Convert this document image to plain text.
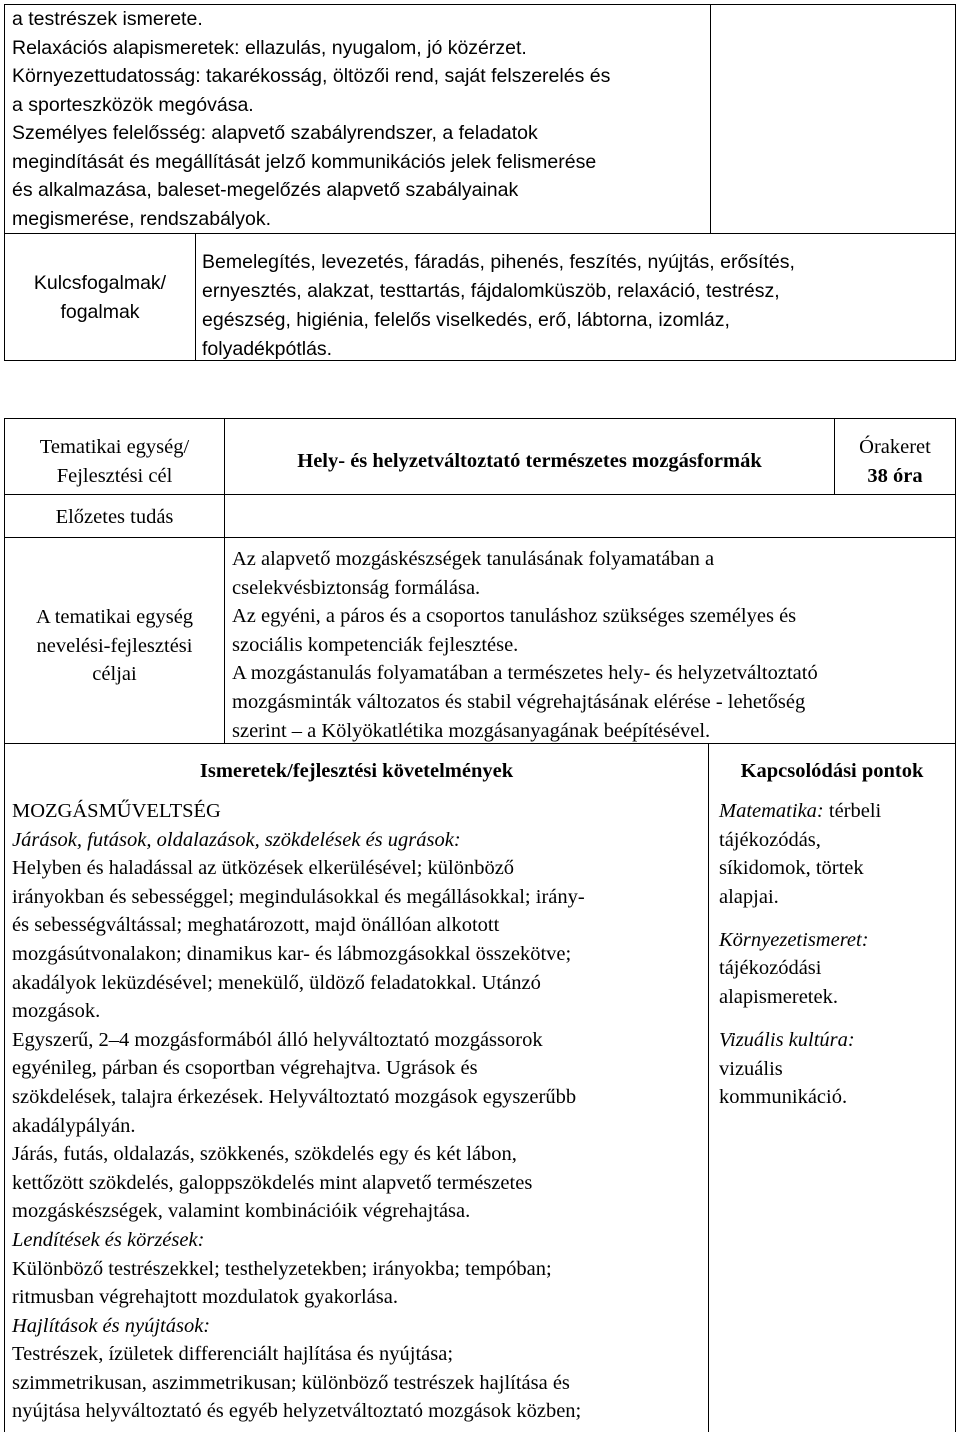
a testrészek ismerete.
Relaxációs alapismeretek: ellazulás, nyugalom, jó közérzet.
Környezettudatosság: takarékosság, öltözői rend, saját felszerelés és
a sporteszközök megóvása.
Személyes felelősség: alapvető szabályrendszer, a feladatok
megindítását és megállítását jelző kommunikációs jelek felismerése
és alkalmazása, baleset-megelőzés alapvető szabályainak
megismerése, rendszabályok.
Kulcsfogalmak/
fogalmak
Bemelegítés, levezetés, fáradás, pihenés, feszítés, nyújtás, erősítés,
ernyesztés, alakzat, testtartás, fájdalomküszöb, relaxáció, testrész,
egészség, higiénia, felelős viselkedés, erő, lábtorna, izomláz,
folyadékpótlás.
Tematikai egység/
Fejlesztési cél
Hely- és helyzetváltoztató természetes mozgásformák
Órakeret
38 óra
Előzetes tudás
A tematikai egység
nevelési-fejlesztési
céljai
Az alapvető mozgáskészségek tanulásának folyamatában a
cselekvésbiztonság formálása.
Az egyéni, a páros és a csoportos tanuláshoz szükséges személyes és
szociális kompetenciák fejlesztése.
A mozgástanulás folyamatában a természetes hely- és helyzetváltoztató
mozgásminták változatos és stabil végrehajtásának elérése - lehetőség
szerint – a Kölyökatlétika mozgásanyagának beépítésével.
Ismeretek/fejlesztési követelmények	Kapcsolódási pontok
MOZGÁSMŰVELTSÉG
Járások, futások, oldalazások, szökdelések és ugrások:
Helyben és haladással az ütközések elkerülésével; különböző
irányokban és sebességgel; megindulásokkal és megállásokkal; irány-
és sebességváltással; meghatározott, majd önállóan alkotott
mozgásútvonalakon; dinamikus kar- és lábmozgásokkal összekötve;
akadályok leküzdésével; menekülő, üldöző feladatokkal. Utánzó
mozgások.
Egyszerű, 2–4 mozgásformából álló helyváltoztató mozgássorok
egyénileg, párban és csoportban végrehajtva. Ugrások és
szökdelések, talajra érkezések. Helyváltoztató mozgások egyszerűbb
akadálypályán.
Járás, futás, oldalazás, szökkenés, szökdelés egy és két lábon,
kettőzött szökdelés, galoppszökdelés mint alapvető természetes
mozgáskészségek, valamint kombinációik végrehajtása.
Lendítések és körzések:
Különböző testrészekkel; testhelyzetekben; irányokba; tempóban;
ritmusban végrehajtott mozdulatok gyakorlása.
Hajlítások és nyújtások:
Testrészek, ízületek differenciált hajlítása és nyújtása;
szimmetrikusan, aszimmetrikusan; különböző testrészek hajlítása és
nyújtása helyváltoztató és egyéb helyzetváltoztató mozgások közben;
Matematika: térbeli
tájékozódás,
síkidomok, törtek
alapjai.
Környezetismeret:
tájékozódási
alapismeretek.
Vizuális kultúra:
vizuális
kommunikáció.
